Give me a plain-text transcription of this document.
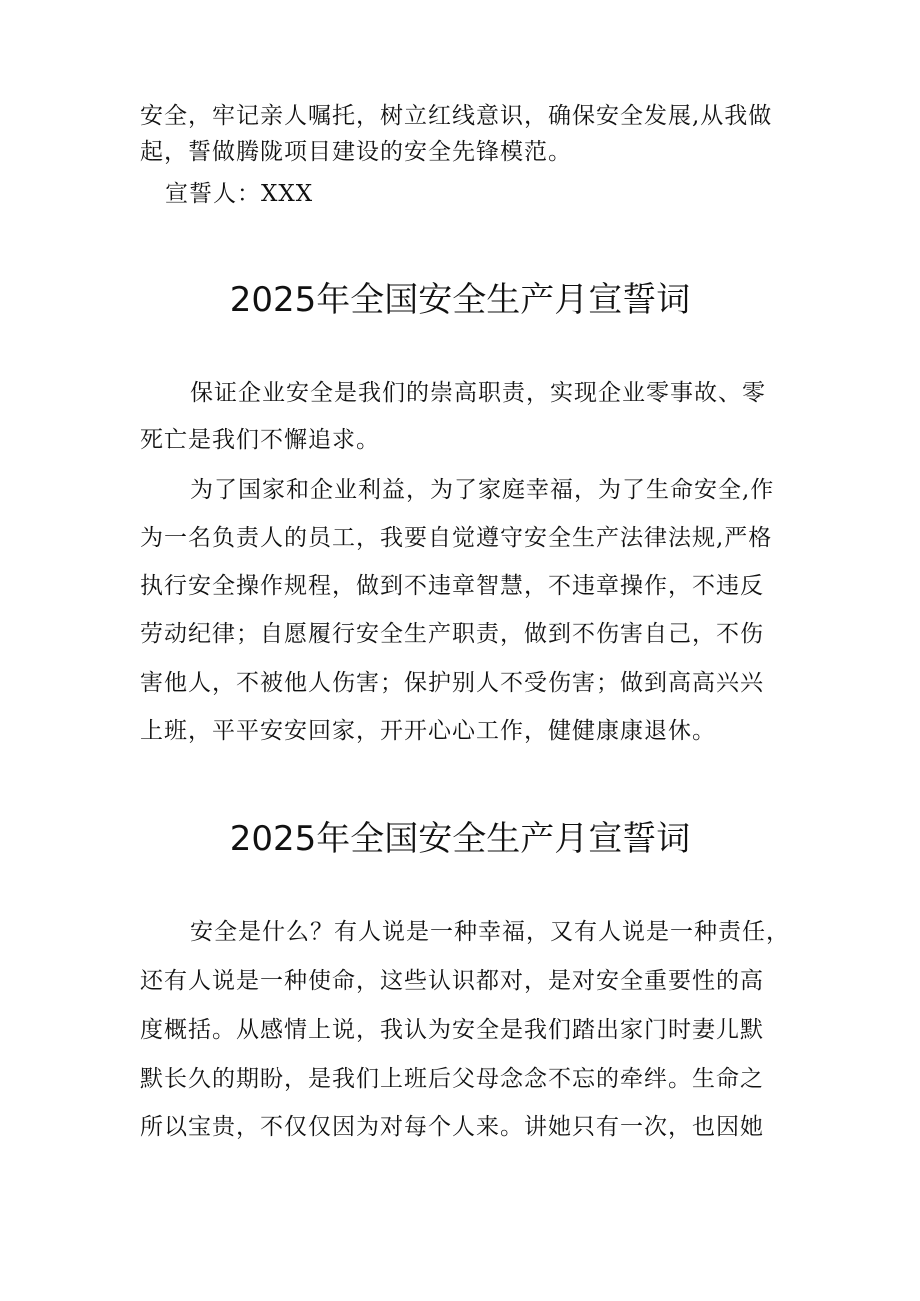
安全，牢记亲人嘱托，树立红线意识，确保安全发展,从我做
起，誓做腾陇项目建设的安全先锋模范。
宣誓人：XXX
2025年全国安全生产月宣誓词
保证企业安全是我们的崇高职责，实现企业零事故、零
死亡是我们不懈追求。
为了国家和企业利益，为了家庭幸福，为了生命安全,作
为一名负责人的员工，我要自觉遵守安全生产法律法规,严格
执行安全操作规程，做到不违章智慧，不违章操作，不违反
劳动纪律；自愿履行安全生产职责，做到不伤害自己，不伤
害他人，不被他人伤害；保护别人不受伤害；做到高高兴兴
上班，平平安安回家，开开心心工作，健健康康退休。
2025年全国安全生产月宣誓词
安全是什么？有人说是一种幸福，又有人说是一种责任，
还有人说是一种使命，这些认识都对，是对安全重要性的高
度概括。从感情上说，我认为安全是我们踏出家门时妻儿默
默长久的期盼，是我们上班后父母念念不忘的牵绊。生命之
所以宝贵，不仅仅因为对每个人来。讲她只有一次，也因她
